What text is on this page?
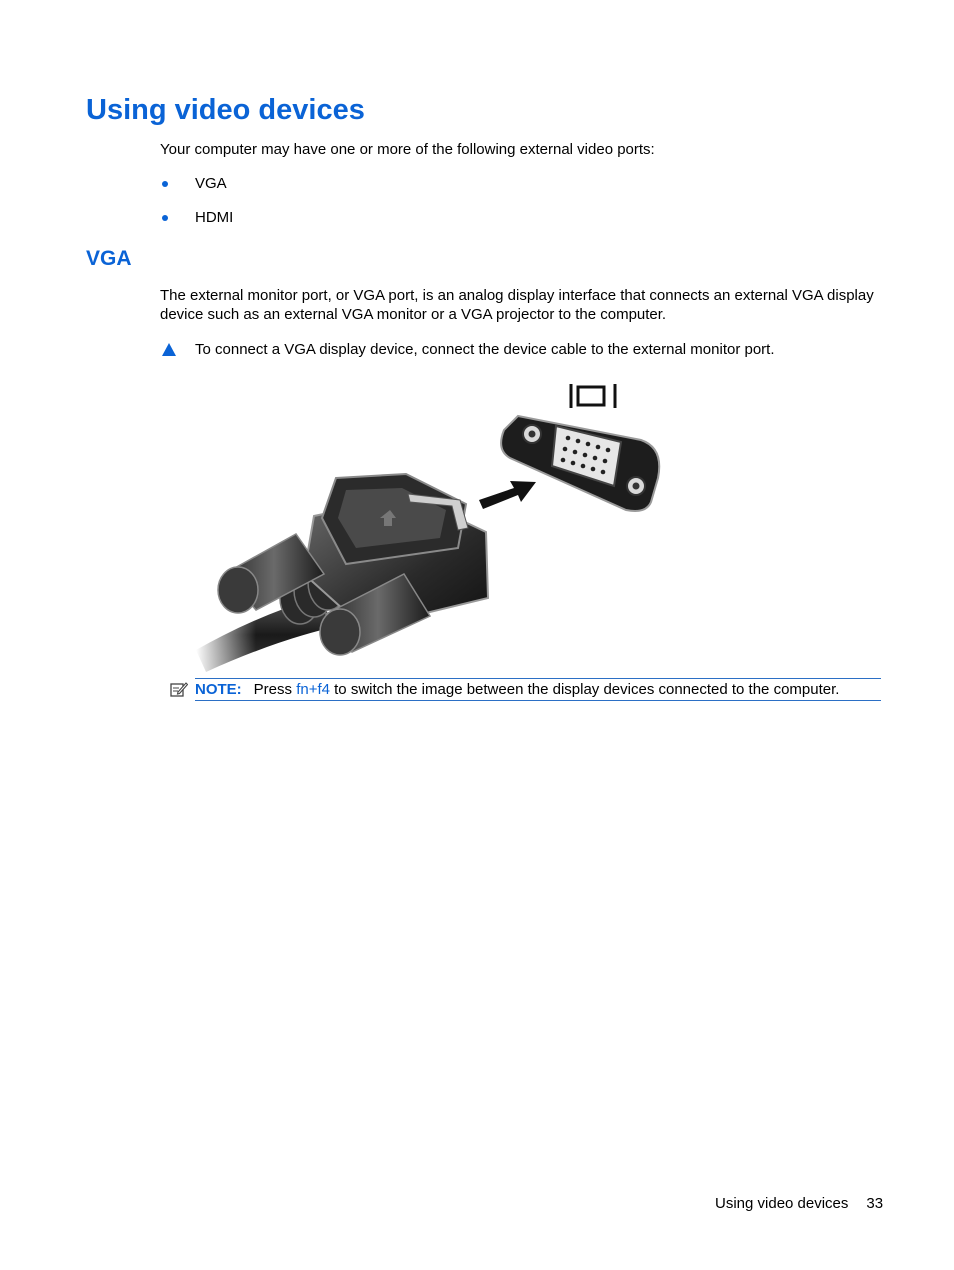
Using video devices
Your computer may have one or more of the following external video ports:
VGA
HDMI
VGA
The external monitor port, or VGA port, is an analog display interface that connects an external VGA display device such as an external VGA monitor or a VGA projector to the computer.
To connect a VGA display device, connect the device cable to the external monitor port.
NOTE: Press fn+f4 to switch the image between the display devices connected to the computer.
Using video devices 33
